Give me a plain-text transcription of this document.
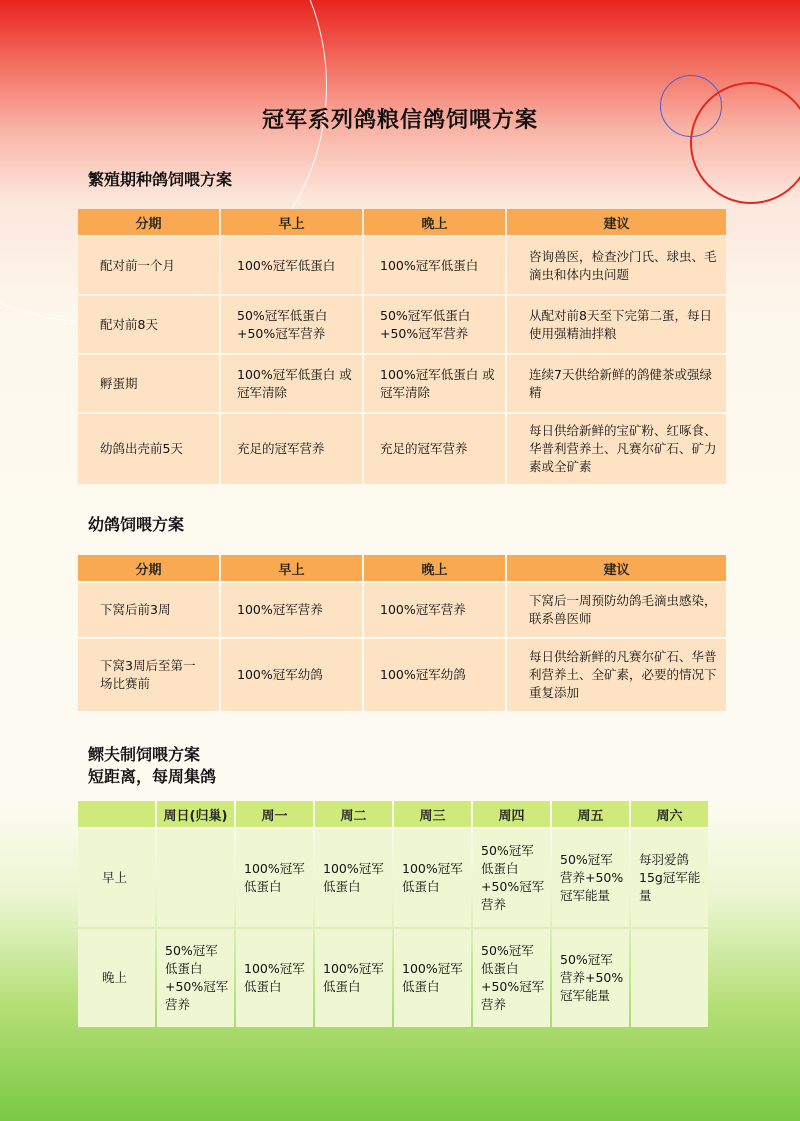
冠军系列鸽粮信鸽饲喂方案
繁殖期种鸽饲喂方案
分期	早上	晚上	建议
配对前一个月	100%冠军低蛋白	100%冠军低蛋白	咨询兽医，检查沙门氏、球虫、毛滴虫和体内虫问题
配对前8天	50%冠军低蛋白 +50%冠军营养	50%冠军低蛋白 +50%冠军营养	从配对前8天至下完第二蛋，每日使用强精油拌粮
孵蛋期	100%冠军低蛋白 或冠军清除	100%冠军低蛋白 或冠军清除	连续7天供给新鲜的鸽健茶或强绿精
幼鸽出壳前5天	充足的冠军营养	充足的冠军营养	每日供给新鲜的宝矿粉、红啄食、华普利营养土、凡赛尔矿石、矿力素或全矿素
幼鸽饲喂方案
分期	早上	晚上	建议
下窝后前3周	100%冠军营养	100%冠军营养	下窝后一周预防幼鸽毛滴虫感染，联系兽医师
下窝3周后至第一场比赛前	100%冠军幼鸽	100%冠军幼鸽	每日供给新鲜的凡赛尔矿石、华普利营养土、全矿素，必要的情况下重复添加
鳏夫制饲喂方案
短距离，每周集鸽
	周日(归巢)	周一	周二	周三	周四	周五	周六
早上		100%冠军低蛋白	100%冠军低蛋白	100%冠军低蛋白	50%冠军低蛋白+50%冠军营养	50%冠军营养+50%冠军能量	每羽爱鸽15g冠军能量
晚上	50%冠军低蛋白+50%冠军营养	100%冠军低蛋白	100%冠军低蛋白	100%冠军低蛋白	50%冠军低蛋白+50%冠军营养	50%冠军营养+50%冠军能量	
